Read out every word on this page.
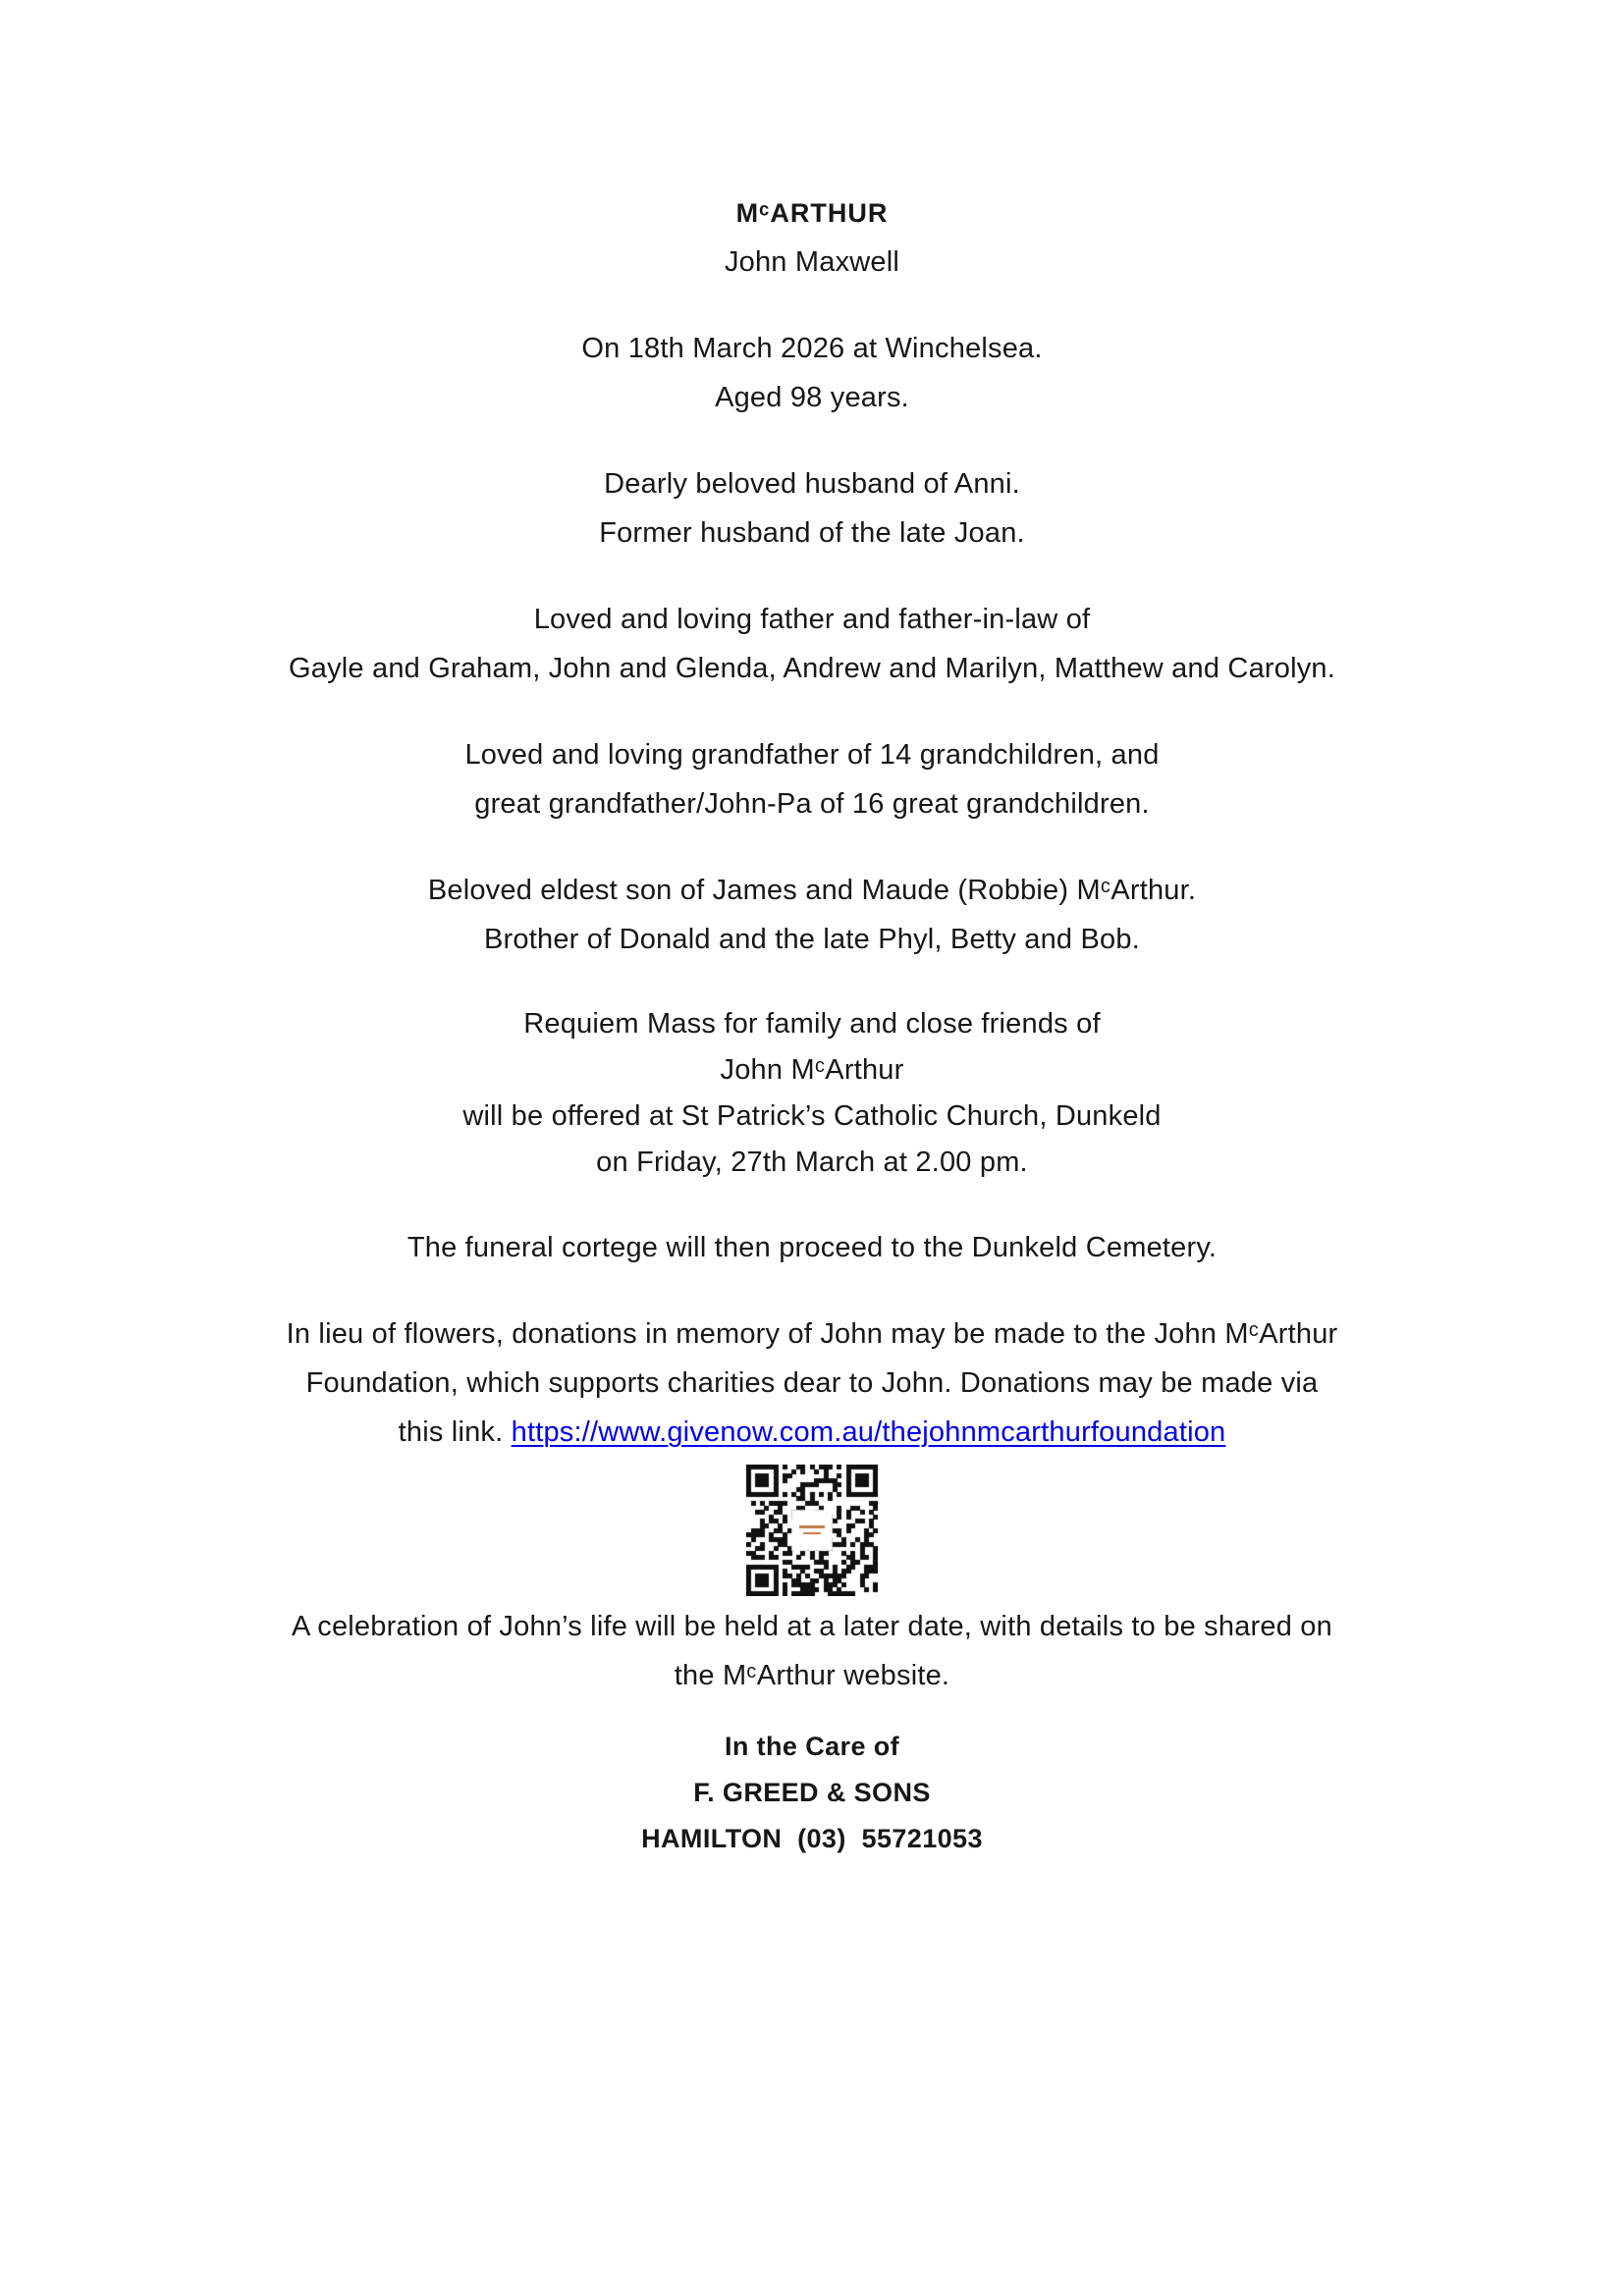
MᶜARTHUR
John Maxwell
On 18th March 2026 at Winchelsea.
Aged 98 years.
Dearly beloved husband of Anni.
Former husband of the late Joan.
Loved and loving father and father-in-law of
Gayle and Graham, John and Glenda, Andrew and Marilyn, Matthew and Carolyn.
Loved and loving grandfather of 14 grandchildren, and
great grandfather/John-Pa of 16 great grandchildren.
Beloved eldest son of James and Maude (Robbie) MᶜArthur.
Brother of Donald and the late Phyl, Betty and Bob.
Requiem Mass for family and close friends of
John MᶜArthur
will be offered at St Patrick’s Catholic Church, Dunkeld
on Friday, 27th March at 2.00 pm.
The funeral cortege will then proceed to the Dunkeld Cemetery.
In lieu of flowers, donations in memory of John may be made to the John MᶜArthur
Foundation, which supports charities dear to John. Donations may be made via
this link. https://www.givenow.com.au/thejohnmcarthurfoundation
A celebration of John’s life will be held at a later date, with details to be shared on
the MᶜArthur website.
In the Care of
F. GREED & SONS
HAMILTON  (03)  55721053
